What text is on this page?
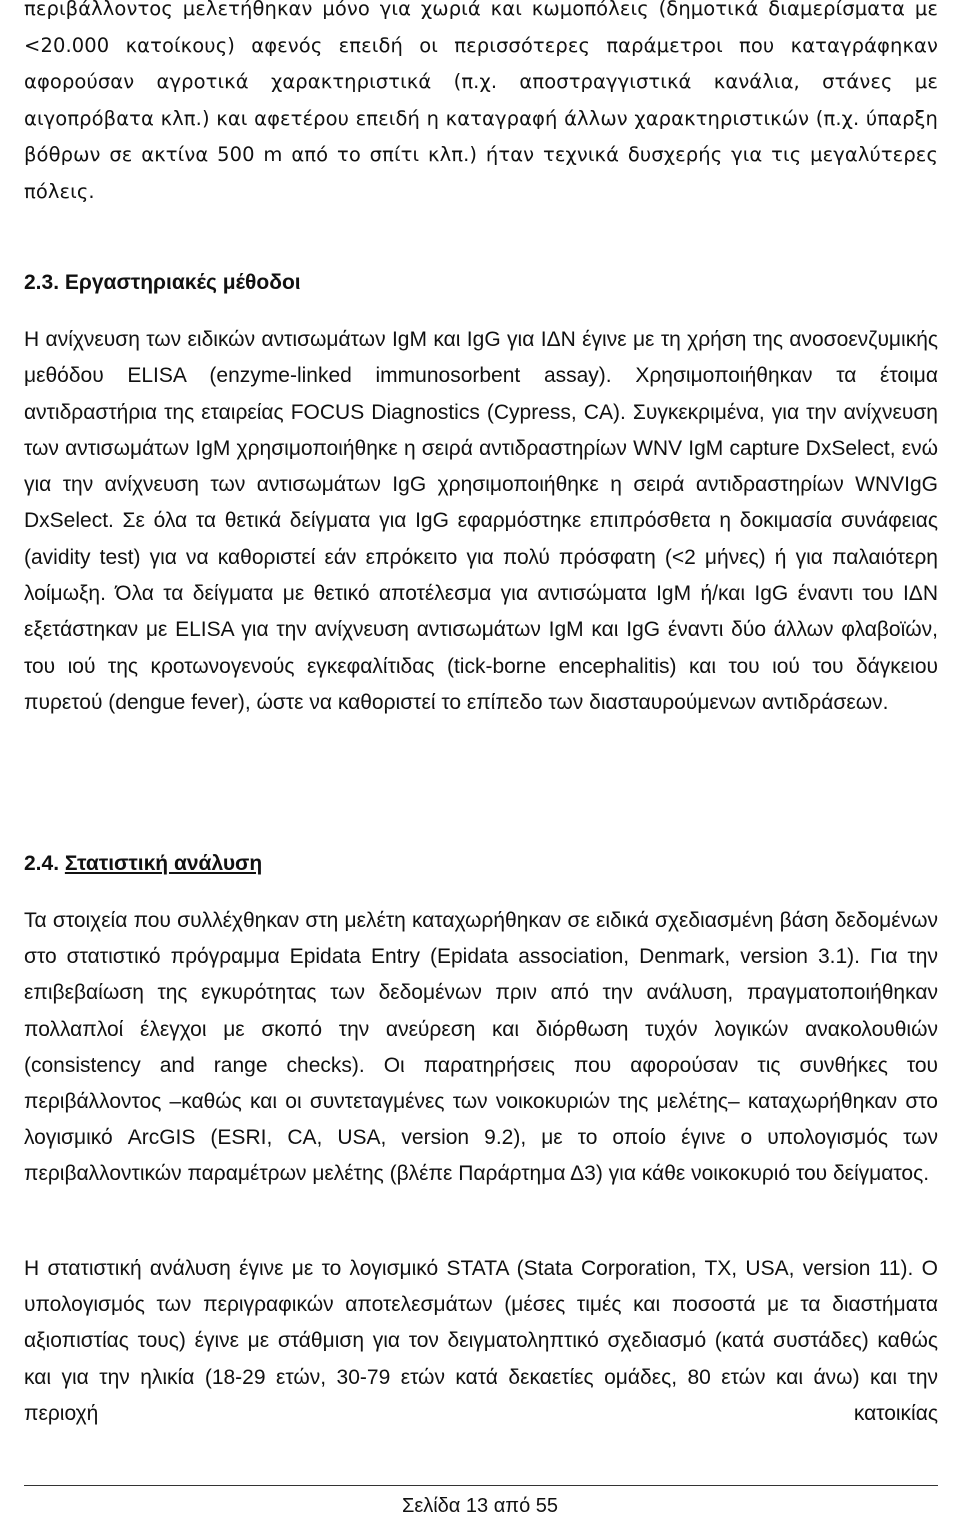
περιβάλλοντος μελετήθηκαν μόνο για χωριά και κωμοπόλεις (δημοτικά διαμερίσματα με <20.000 κατοίκους) αφενός επειδή οι περισσότερες παράμετροι που καταγράφηκαν αφορούσαν αγροτικά χαρακτηριστικά (π.χ. αποστραγγιστικά κανάλια, στάνες με αιγοπρόβατα κλπ.) και αφετέρου επειδή η καταγραφή άλλων χαρακτηριστικών (π.χ. ύπαρξη βόθρων σε ακτίνα 500 m από το σπίτι κλπ.) ήταν τεχνικά δυσχερής για τις μεγαλύτερες πόλεις.

2.3. Εργαστηριακές μέθοδοι

Η ανίχνευση των ειδικών αντισωμάτων IgM και IgG για ΙΔΝ έγινε με τη χρήση της ανοσοενζυμικής μεθόδου ELISA (enzyme-linked immunosorbent assay). Χρησιμοποιήθηκαν τα έτοιμα αντιδραστήρια της εταιρείας FOCUS Diagnostics (Cypress, CA). Συγκεκριμένα, για την ανίχνευση των αντισωμάτων IgM χρησιμοποιήθηκε η σειρά αντιδραστηρίων WNV IgM capture DxSelect, ενώ για την ανίχνευση των αντισωμάτων IgG χρησιμοποιήθηκε η σειρά αντιδραστηρίων WNVIgG DxSelect. Σε όλα τα θετικά δείγματα για IgG εφαρμόστηκε επιπρόσθετα η δοκιμασία συνάφειας (avidity test) για να καθοριστεί εάν επρόκειτο για πολύ πρόσφατη (<2 μήνες) ή για παλαιότερη λοίμωξη. Όλα τα δείγματα με θετικό αποτέλεσμα για αντισώματα IgM ή/και IgG έναντι του ΙΔΝ εξετάστηκαν με ELISA για την ανίχνευση αντισωμάτων IgM και IgG έναντι δύο άλλων φλαβοϊών, του ιού της κροτωνογενούς εγκεφαλίτιδας (tick-borne encephalitis) και του ιού του δάγκειου πυρετού (dengue fever), ώστε να καθοριστεί το επίπεδο των διασταυρούμενων αντιδράσεων.

2.4. Στατιστική ανάλυση

Τα στοιχεία που συλλέχθηκαν στη μελέτη καταχωρήθηκαν σε ειδικά σχεδιασμένη βάση δεδομένων στο στατιστικό πρόγραμμα Epidata Entry (Epidata association, Denmark, version 3.1). Για την επιβεβαίωση της εγκυρότητας των δεδομένων πριν από την ανάλυση, πραγματοποιήθηκαν πολλαπλοί έλεγχοι με σκοπό την ανεύρεση και διόρθωση τυχόν λογικών ανακολουθιών (consistency and range checks). Οι παρατηρήσεις που αφορούσαν τις συνθήκες του περιβάλλοντος –καθώς και οι συντεταγμένες των νοικοκυριών της μελέτης– καταχωρήθηκαν στο λογισμικό ArcGIS (ESRI, CA, USA, version 9.2), με το οποίο έγινε ο υπολογισμός των περιβαλλοντικών παραμέτρων μελέτης (βλέπε Παράρτημα Δ3) για κάθε νοικοκυριό του δείγματος.

Η στατιστική ανάλυση έγινε με το λογισμικό STATA (Stata Corporation, TX, USA, version 11). Ο υπολογισμός των περιγραφικών αποτελεσμάτων (μέσες τιμές και ποσοστά με τα διαστήματα αξιοπιστίας τους) έγινε με στάθμιση για τον δειγματοληπτικό σχεδιασμό (κατά συστάδες) καθώς και για την ηλικία (18-29 ετών, 30-79 ετών κατά δεκαετίες ομάδες, 80 ετών και άνω) και την περιοχή κατοικίας

Σελίδα 13 από 55
